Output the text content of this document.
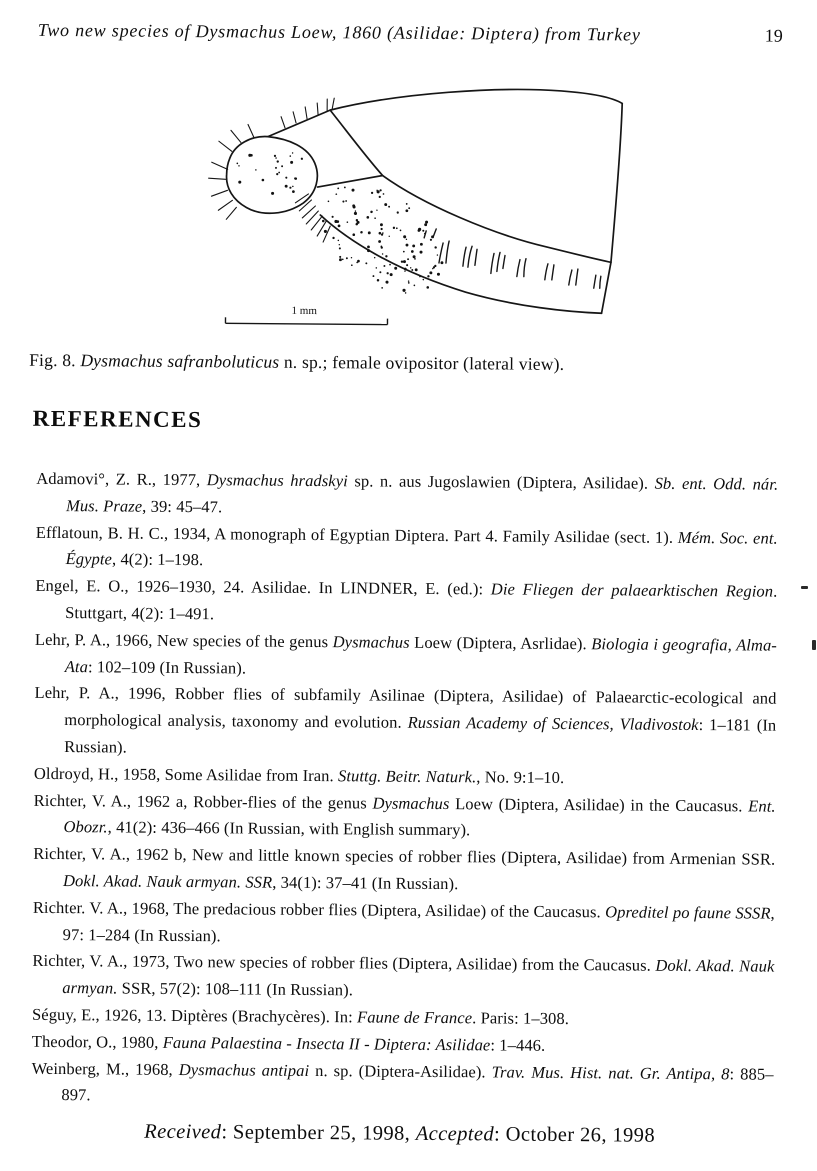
Two new species of Dysmachus Loew, 1860 (Asilidae: Diptera) from Turkey	19
1 mm

Fig. 8. Dysmachus safranboluticus n. sp.; female ovipositor (lateral view).

REFERENCES

Adamovi°, Z. R., 1977, Dysmachus hradskyi sp. n. aus Jugoslawien (Diptera, Asilidae). Sb. ent. Odd. nár. Mus. Praze, 39: 45–47.

Efflatoun, B. H. C., 1934, A monograph of Egyptian Diptera. Part 4. Family Asilidae (sect. 1). Mém. Soc. ent. Égypte, 4(2): 1–198.

Engel, E. O., 1926–1930, 24. Asilidae. In LINDNER, E. (ed.): Die Fliegen der palaearktischen Region. Stuttgart, 4(2): 1–491.

Lehr, P. A., 1966, New species of the genus Dysmachus Loew (Diptera, Asrlidae). Biologia i geografia, Alma-Ata: 102–109 (In Russian).

Lehr, P. A., 1996, Robber flies of subfamily Asilinae (Diptera, Asilidae) of Palaearctic-ecological and morphological analysis, taxonomy and evolution. Russian Academy of Sciences, Vladivostok: 1–181 (In Russian).

Oldroyd, H., 1958, Some Asilidae from Iran. Stuttg. Beitr. Naturk., No. 9:1–10.

Richter, V. A., 1962 a, Robber-flies of the genus Dysmachus Loew (Diptera, Asilidae) in the Caucasus. Ent. Obozr., 41(2): 436–466 (In Russian, with English summary).

Richter, V. A., 1962 b, New and little known species of robber flies (Diptera, Asilidae) from Armenian SSR. Dokl. Akad. Nauk armyan. SSR, 34(1): 37–41 (In Russian).

Richter. V. A., 1968, The predacious robber flies (Diptera, Asilidae) of the Caucasus. Opreditel po faune SSSR, 97: 1–284 (In Russian).

Richter, V. A., 1973, Two new species of robber flies (Diptera, Asilidae) from the Caucasus. Dokl. Akad. Nauk armyan. SSR, 57(2): 108–111 (In Russian).

Séguy, E., 1926, 13. Diptères (Brachycères). In: Faune de France. Paris: 1–308.

Theodor, O., 1980, Fauna Palaestina - Insecta II - Diptera: Asilidae: 1–446.

Weinberg, M., 1968, Dysmachus antipai n. sp. (Diptera-Asilidae). Trav. Mus. Hist. nat. Gr. Antipa, 8: 885–897.

Received: September 25, 1998, Accepted: October 26, 1998
